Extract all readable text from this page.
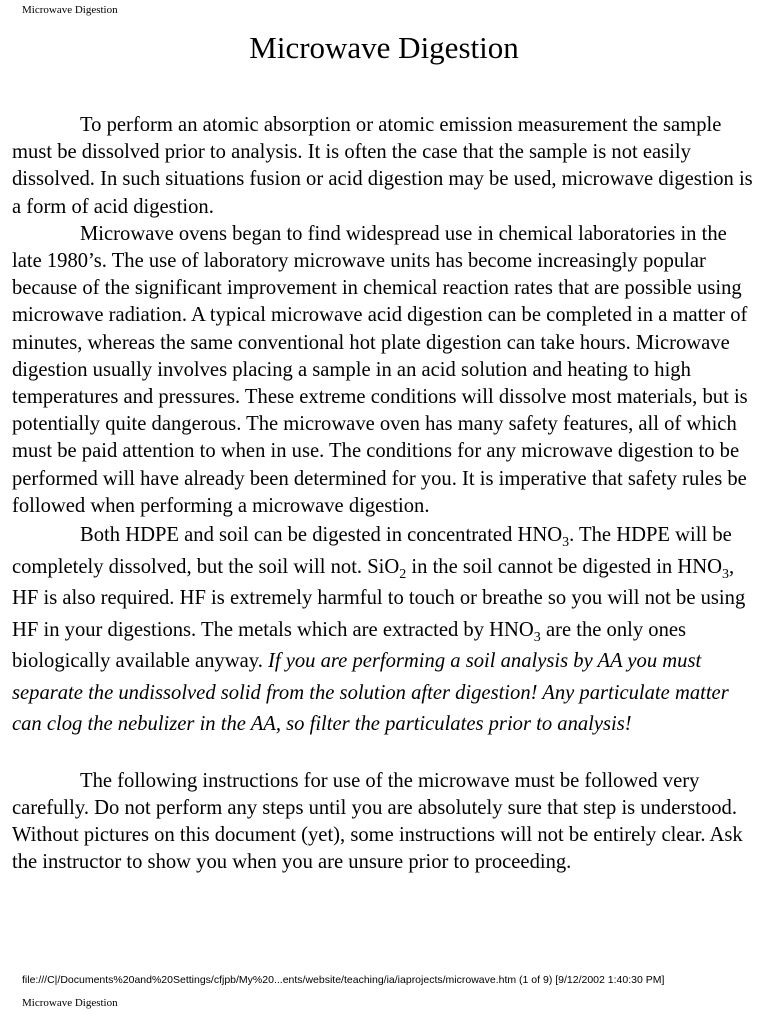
Microwave Digestion
Microwave Digestion

To perform an atomic absorption or atomic emission measurement the sample must be dissolved prior to analysis. It is often the case that the sample is not easily dissolved. In such situations fusion or acid digestion may be used, microwave digestion is a form of acid digestion.

Microwave ovens began to find widespread use in chemical laboratories in the late 1980’s. The use of laboratory microwave units has become increasingly popular because of the significant improvement in chemical reaction rates that are possible using microwave radiation. A typical microwave acid digestion can be completed in a matter of minutes, whereas the same conventional hot plate digestion can take hours. Microwave digestion usually involves placing a sample in an acid solution and heating to high temperatures and pressures. These extreme conditions will dissolve most materials, but is potentially quite dangerous. The microwave oven has many safety features, all of which must be paid attention to when in use. The conditions for any microwave digestion to be performed will have already been determined for you. It is imperative that safety rules be followed when performing a microwave digestion.

Both HDPE and soil can be digested in concentrated $HNO_3$. The HDPE will be completely dissolved, but the soil will not. SiO$_2$ in the soil cannot be digested in $HNO_3$, HF is also required. HF is extremely harmful to touch or breathe so you will not be using HF in your digestions. The metals which are extracted by $HNO_3$ are the only ones biologically available anyway. If you are performing a soil analysis by AA you must separate the undissolved solid from the solution after digestion! Any particulate matter can clog the nebulizer in the AA, so filter the particulates prior to analysis!

The following instructions for use of the microwave must be followed very carefully. Do not perform any steps until you are absolutely sure that step is understood. Without pictures on this document (yet), some instructions will not be entirely clear. Ask the instructor to show you when you are unsure prior to proceeding.

file:///C|/Documents%20and%20Settings/cfjpb/My%20...ents/website/teaching/ia/iaprojects/microwave.htm (1 of 9) [9/12/2002 1:40:30 PM]
Microwave Digestion
